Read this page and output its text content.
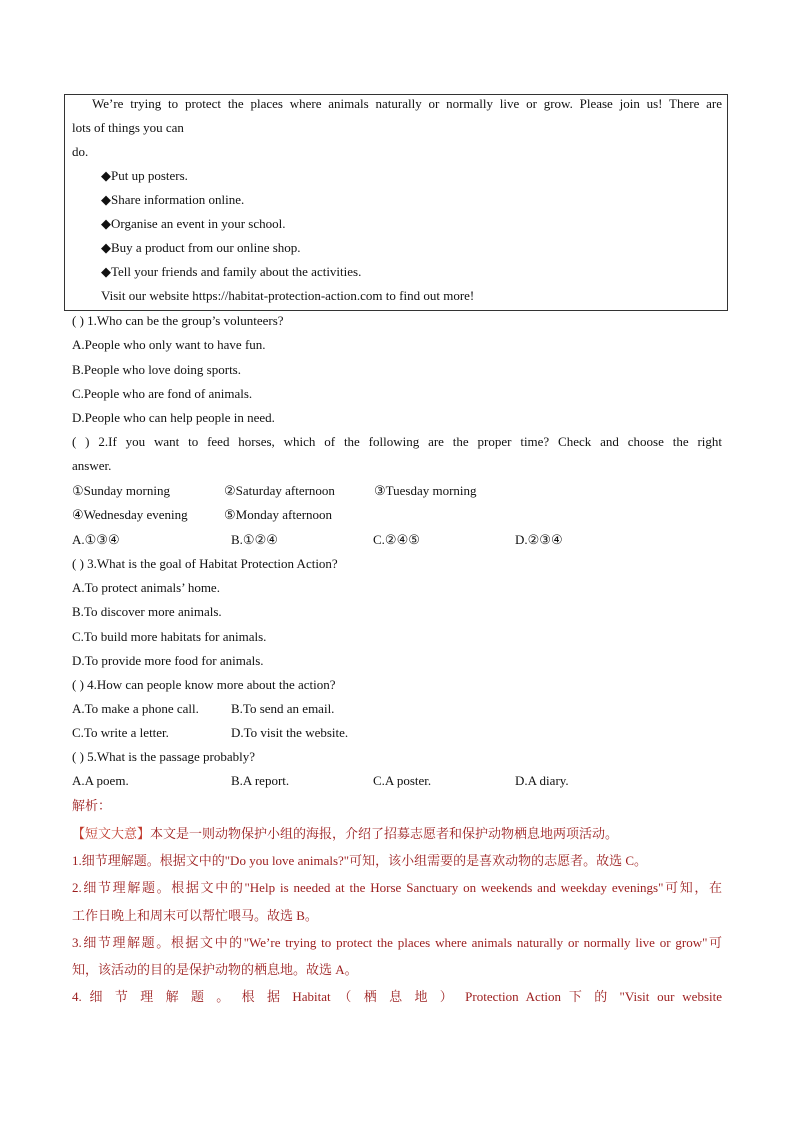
We’re trying to protect the places where animals naturally or normally live or grow. Please join us! There are
lots of things you can
do.
◆Put up posters.
◆Share information online.
◆Organise an event in your school.
◆Buy a product from our online shop.
◆Tell your friends and family about the activities.
Visit our website https://habitat-protection-action.com to find out more!
( ) 1.Who can be the group’s volunteers?
A.People who only want to have fun.
B.People who love doing sports.
C.People who are fond of animals.
D.People who can help people in need.
( ) 2.If you want to feed horses, which of the following are the proper time? Check and choose the right
answer.
①Sunday morning	②Saturday afternoon	③Tuesday morning
④Wednesday evening	⑤Monday afternoon
A.①③④	B.①②④	C.②④⑤	D.②③④
( ) 3.What is the goal of Habitat Protection Action?
A.To protect animals’ home.
B.To discover more animals.
C.To build more habitats for animals.
D.To provide more food for animals.
( ) 4.How can people know more about the action?
A.To make a phone call. B.To send an email.
C.To write a letter.	D.To visit the website.
( ) 5.What is the passage probably?
A.A poem.	B.A report.	C.A poster.	D.A diary.
解析：
【短文大意】本文是一则动物保护小组的海报，介绍了招募志愿者和保护动物栖息地两项活动。
1.细节理解题。根据文中的"Do you love animals?"可知，该小组需要的是喜欢动物的志愿者。故选 C。
2.细节理解题。根据文中的"Help is needed at the Horse Sanctuary on weekends and weekday evenings"可知，在
工作日晚上和周末可以帮忙喂马。故选 B。
3.细节理解题。根据文中的"We’re trying to protect the places where animals naturally or normally live or grow"可
知，该活动的目的是保护动物的栖息地。故选 A。
4. 细 节 理 解 题 。 根 据 Habitat （ 栖 息 地 ） Protection Action 下 的 "Visit our website
